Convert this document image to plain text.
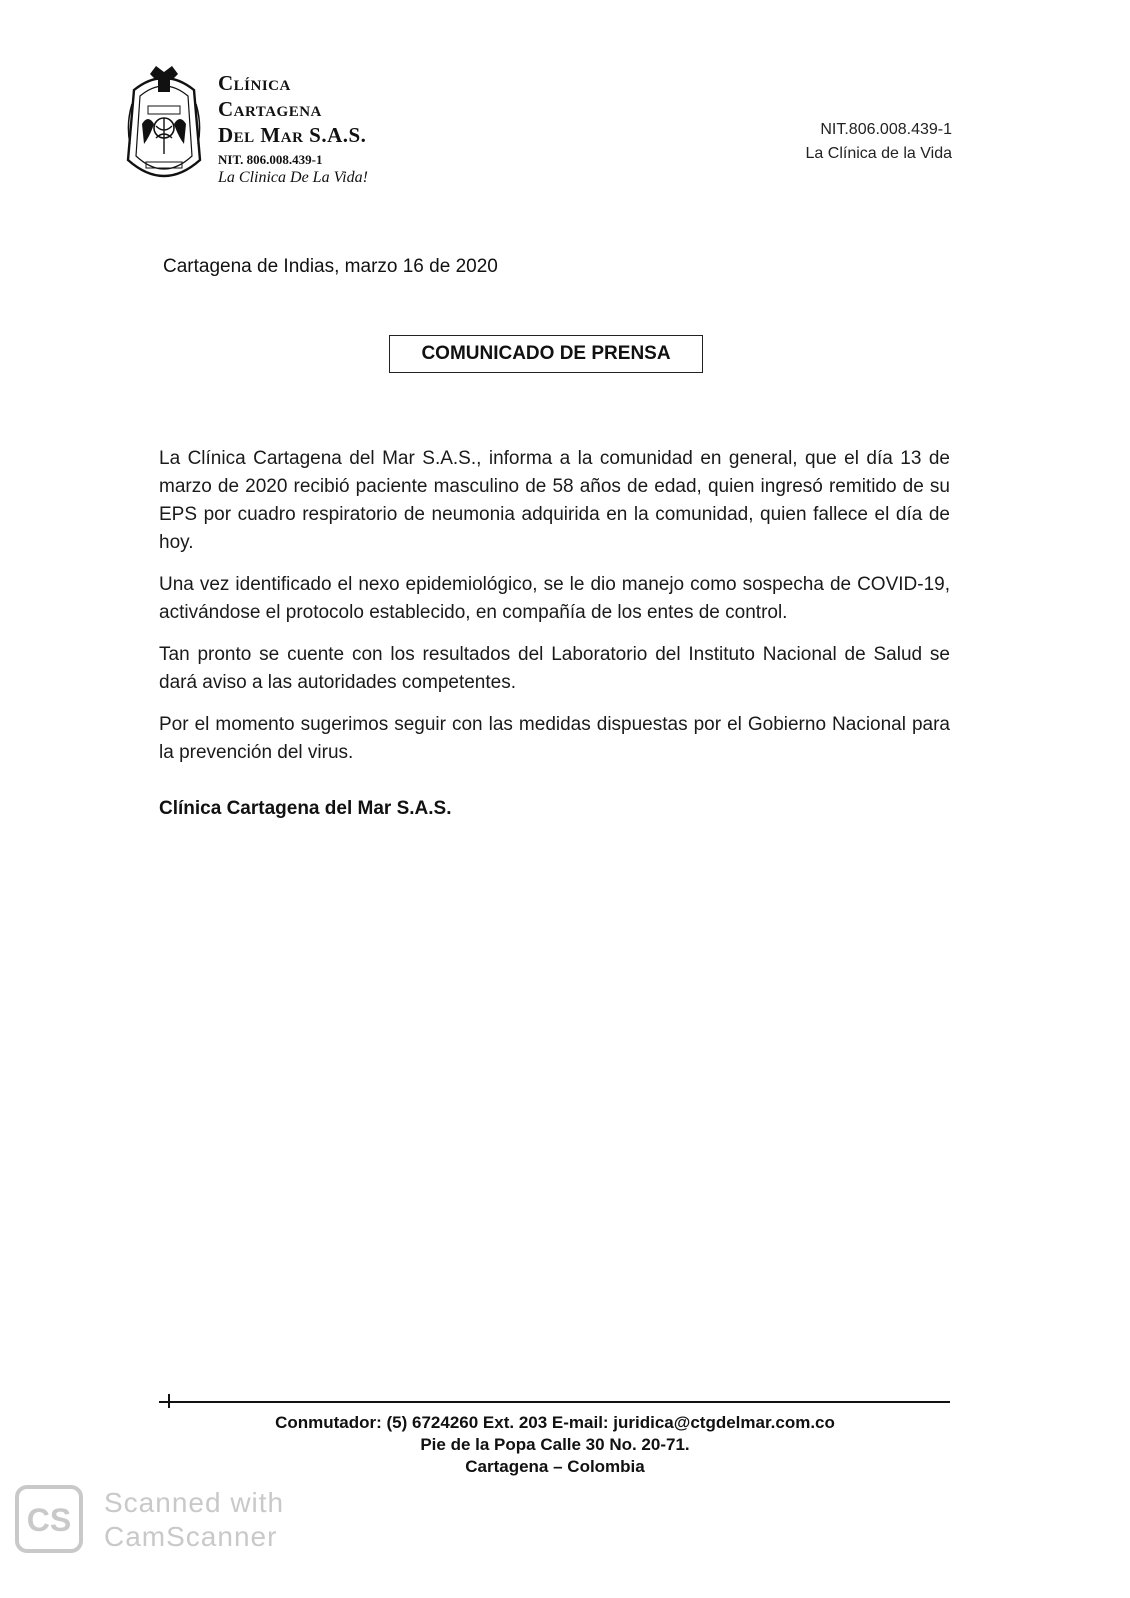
Clínica
Cartagena
Del Mar S.A.S.
NIT. 806.008.439-1
La Clinica De La Vida!
NIT.806.008.439-1
La Clínica de la Vida
Cartagena de Indias, marzo 16 de 2020
COMUNICADO DE PRENSA

La Clínica Cartagena del Mar S.A.S., informa a la comunidad en general, que el día 13 de marzo de 2020 recibió paciente masculino de 58 años de edad, quien ingresó remitido de su EPS por cuadro respiratorio de neumonia adquirida en la comunidad, quien fallece el día de hoy.

Una vez identificado el nexo epidemiológico, se le dio manejo como sospecha de COVID-19, activándose el protocolo establecido, en compañía de los entes de control.

Tan pronto se cuente con los resultados del Laboratorio del Instituto Nacional de Salud se dará aviso a las autoridades competentes.

Por el momento sugerimos seguir con las medidas dispuestas por el Gobierno Nacional para la prevención del virus.

Clínica Cartagena del Mar S.A.S.
Conmutador: (5) 6724260 Ext. 203 E-mail: juridica@ctgdelmar.com.co
Pie de la Popa Calle 30 No. 20-71.
Cartagena – Colombia
CS Scanned with
CamScanner
